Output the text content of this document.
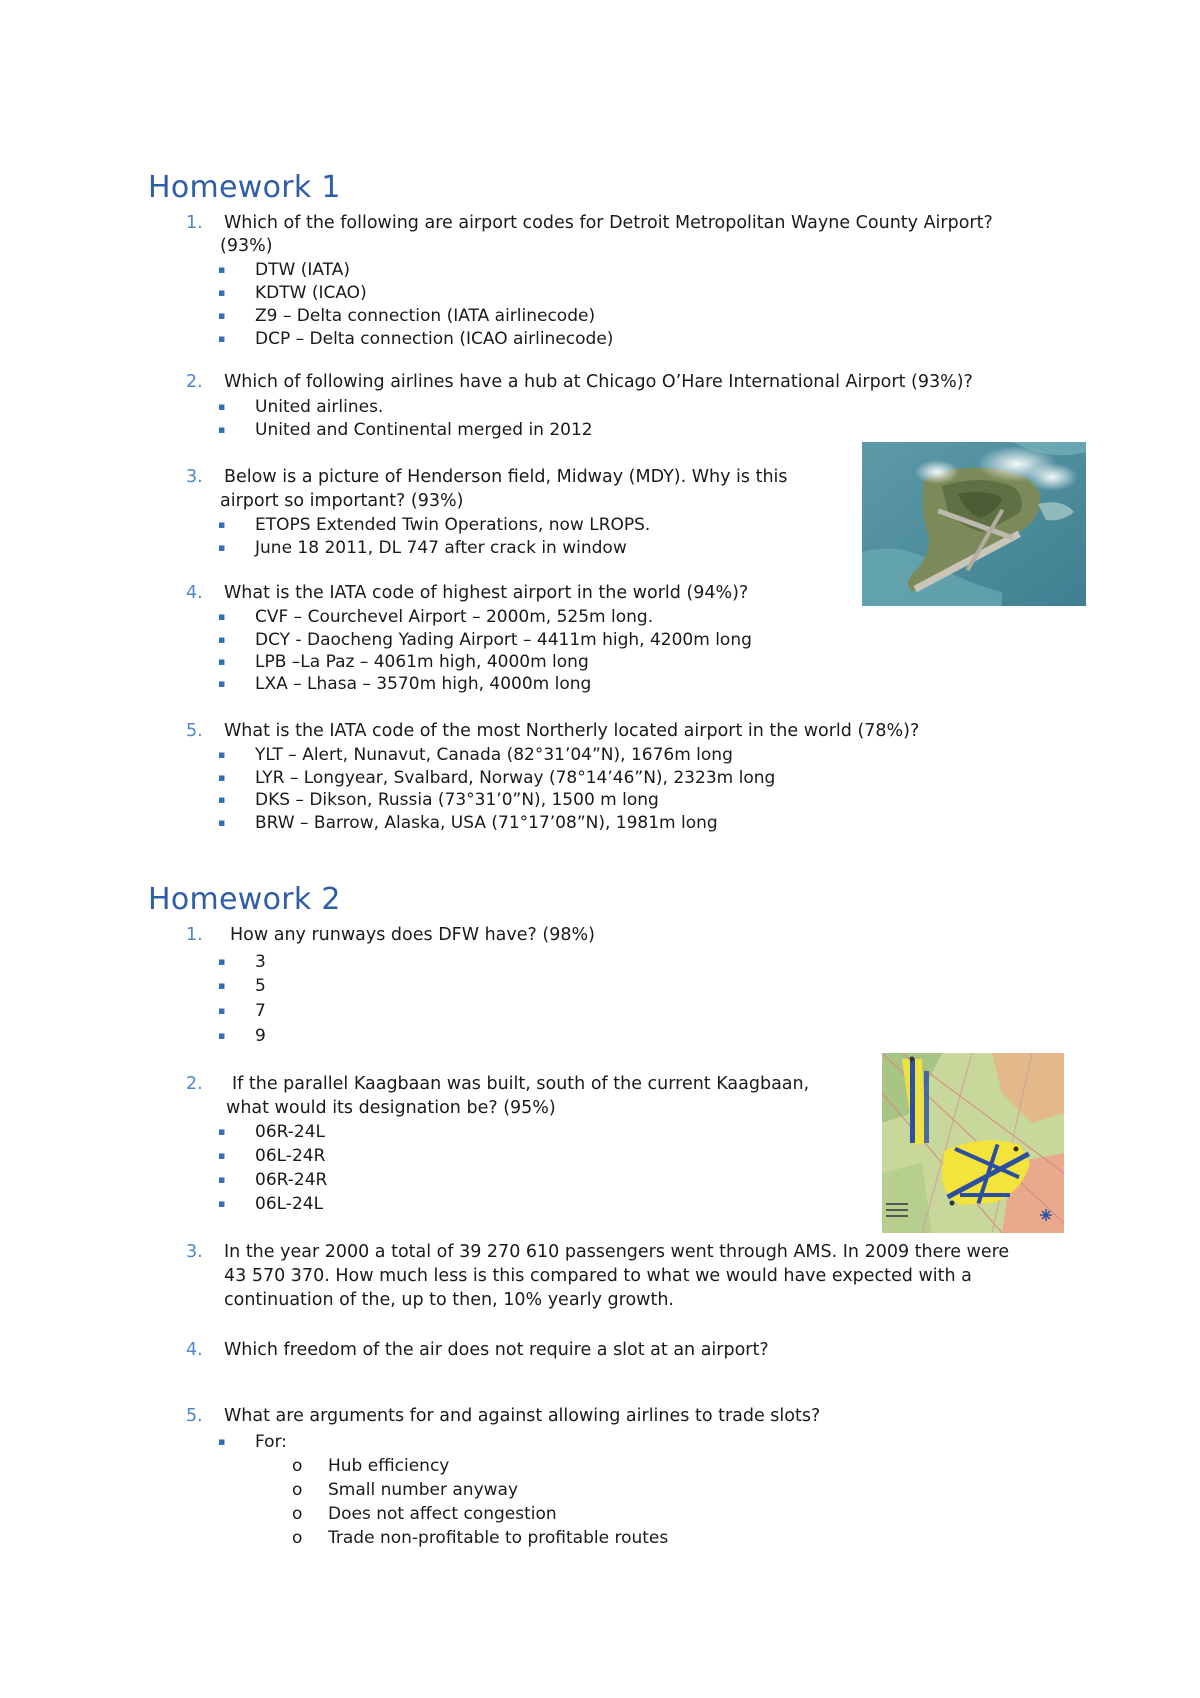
Homework 1
1. Which of the following are airport codes for Detroit Metropolitan Wayne County Airport?
(93%)
▪ DTW (IATA)
▪ KDTW (ICAO)
▪ Z9 – Delta connection (IATA airlinecode)
▪ DCP – Delta connection (ICAO airlinecode)
2. Which of following airlines have a hub at Chicago O’Hare International Airport (93%)?
▪ United airlines.
▪ United and Continental merged in 2012
3. Below is a picture of Henderson field, Midway (MDY). Why is this
airport so important? (93%)
▪ ETOPS Extended Twin Operations, now LROPS.
▪ June 18 2011, DL 747 after crack in window
4. What is the IATA code of highest airport in the world (94%)?
▪ CVF – Courchevel Airport – 2000m, 525m long.
▪ DCY - Daocheng Yading Airport – 4411m high, 4200m long
▪ LPB –La Paz – 4061m high, 4000m long
▪ LXA – Lhasa – 3570m high, 4000m long
5. What is the IATA code of the most Northerly located airport in the world (78%)?
▪ YLT – Alert, Nunavut, Canada (82°31’04”N), 1676m long
▪ LYR – Longyear, Svalbard, Norway (78°14’46”N), 2323m long
▪ DKS – Dikson, Russia (73°31’0”N), 1500 m long
▪ BRW – Barrow, Alaska, USA (71°17’08”N), 1981m long
Homework 2
1. How any runways does DFW have? (98%)
▪ 3
▪ 5
▪ 7
▪ 9
2. If the parallel Kaagbaan was built, south of the current Kaagbaan,
what would its designation be? (95%)
▪ 06R-24L
▪ 06L-24R
▪ 06R-24R
▪ 06L-24L
3. In the year 2000 a total of 39 270 610 passengers went through AMS. In 2009 there were
43 570 370. How much less is this compared to what we would have expected with a
continuation of the, up to then, 10% yearly growth.
4. Which freedom of the air does not require a slot at an airport?
5. What are arguments for and against allowing airlines to trade slots?
▪ For:
o Hub efficiency
o Small number anyway
o Does not affect congestion
o Trade non-profitable to profitable routes
